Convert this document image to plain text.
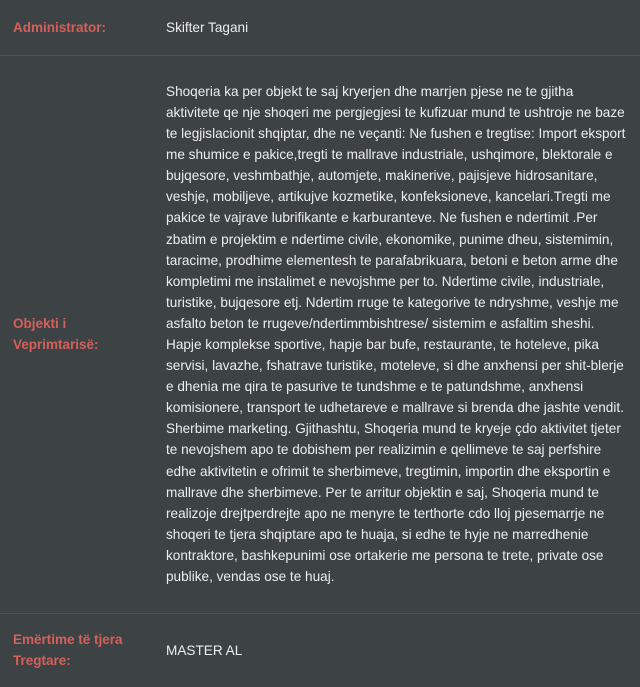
Administrator:	Skifter Tagani
Objekti i Veprimtarisë:	Shoqeria ka per objekt te saj kryerjen dhe marrjen pjese ne te gjitha aktivitete qe nje shoqeri me pergjegjesi te kufizuar mund te ushtroje ne baze te legjislacionit shqiptar, dhe ne veçanti: Ne fushen e tregtise: Import eksport me shumice e pakice,tregti te mallrave industriale, ushqimore, blektorale e bujqesore, veshmbathje, automjete, makinerive, pajisjeve hidrosanitare, veshje, mobiljeve, artikujve kozmetike, konfeksioneve, kancelari.Tregti me pakice te vajrave lubrifikante e karburanteve. Ne fushen e ndertimit .Per zbatim e projektim e ndertime civile, ekonomike, punime dheu, sistemimin, taracime, prodhime elementesh te parafabrikuara, betoni e beton arme dhe kompletimi me instalimet e nevojshme per to. Ndertime civile, industriale, turistike, bujqesore etj. Ndertim rruge te kategorive te ndryshme, veshje me asfalto beton te rrugeve/ndertimmbishtrese/ sistemim e asfaltim sheshi. Hapje komplekse sportive, hapje bar bufe, restaurante, te hoteleve, pika servisi, lavazhe, fshatrave turistike, moteleve, si dhe anxhensi per shit-blerje e dhenia me qira te pasurive te tundshme e te patundshme, anxhensi komisionere, transport te udhetareve e mallrave si brenda dhe jashte vendit. Sherbime marketing. Gjithashtu, Shoqeria mund te kryeje çdo aktivitet tjeter te nevojshem apo te dobishem per realizimin e qellimeve te saj perfshire edhe aktivitetin e ofrimit te sherbimeve, tregtimin, importin dhe eksportin e mallrave dhe sherbimeve. Per te arritur objektin e saj, Shoqeria mund te realizoje drejtperdrejte apo ne menyre te terthorte cdo lloj pjesemarrje ne shoqeri te tjera shqiptare apo te huaja, si edhe te hyje ne marredhenie kontraktore, bashkepunimi ose ortakerie me persona te trete, private ose publike, vendas ose te huaj.
Emërtime të tjera Tregtare:	MASTER AL
